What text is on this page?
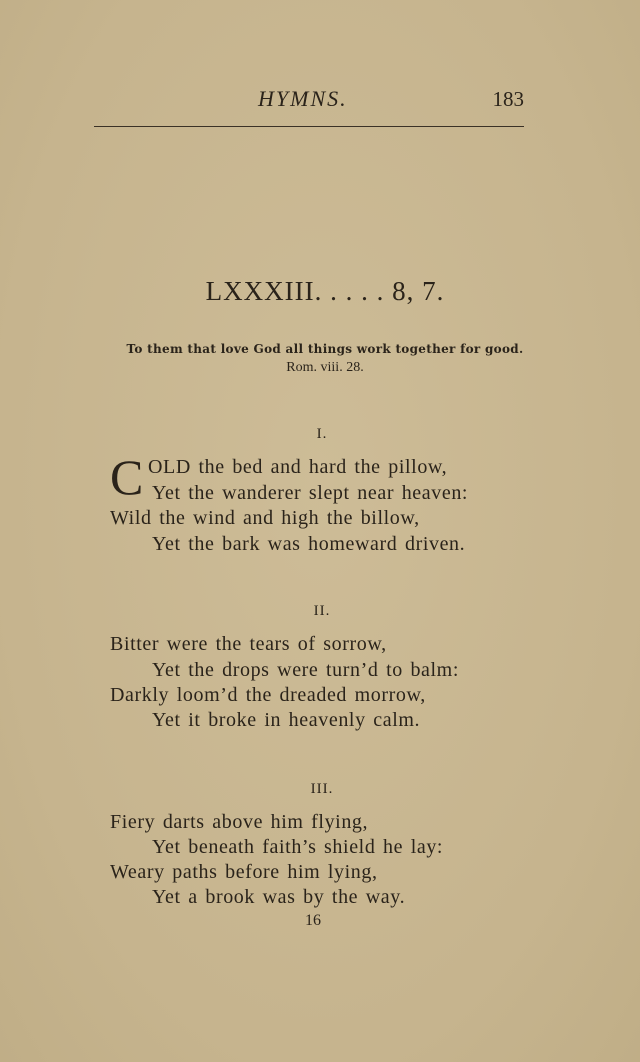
HYMNS.	183
LXXXIII. . . . . 8, 7.
To them that love God all things work together for good.
Rom. viii. 28.
I.
C OLD the bed and hard the pillow,
Yet the wanderer slept near heaven:
Wild the wind and high the billow,
Yet the bark was homeward driven.
II.
Bitter were the tears of sorrow,
Yet the drops were turn’d to balm:
Darkly loom’d the dreaded morrow,
Yet it broke in heavenly calm.
III.
Fiery darts above him flying,
Yet beneath faith’s shield he lay:
Weary paths before him lying,
Yet a brook was by the way.
16
